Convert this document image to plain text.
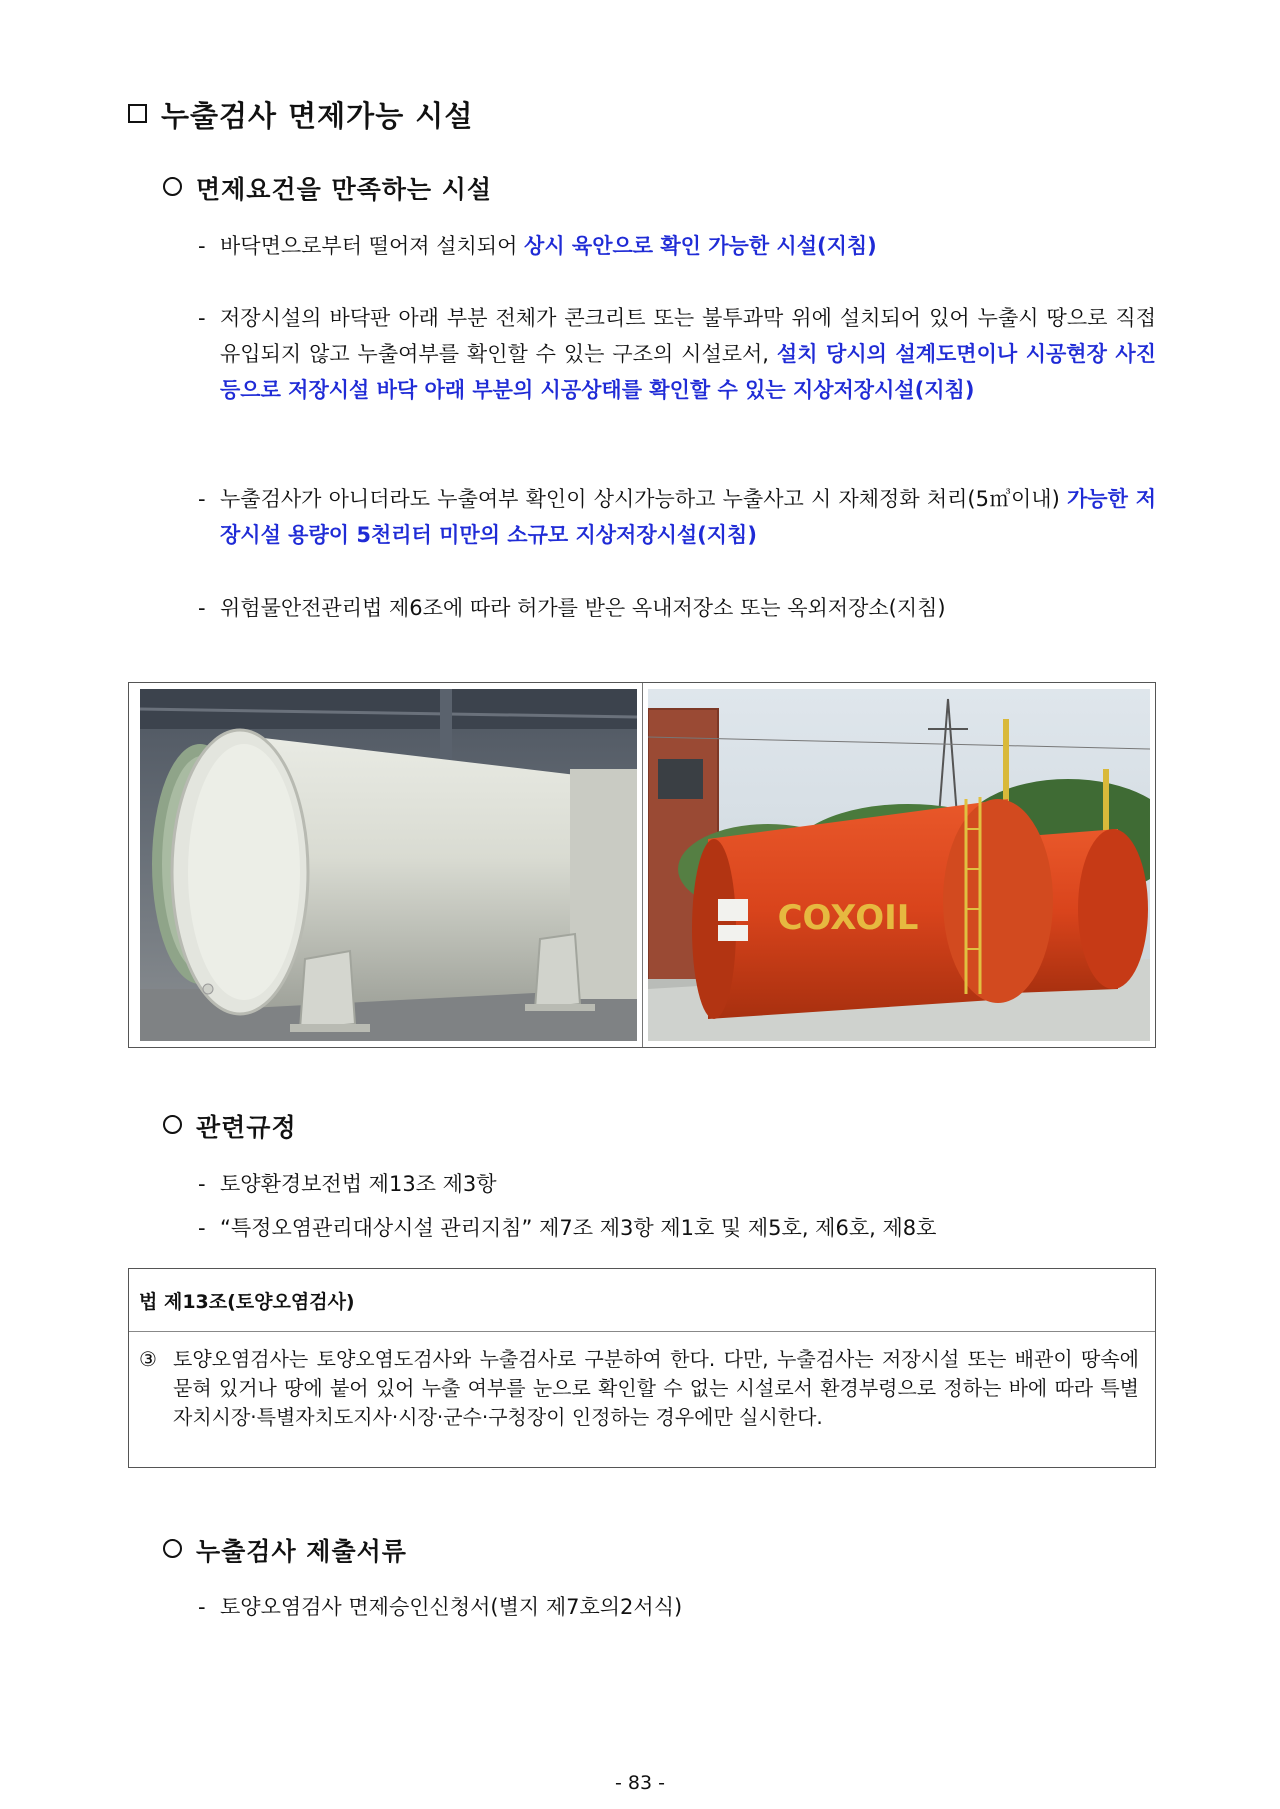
누출검사 면제가능 시설
면제요건을 만족하는 시설
- 바닥면으로부터 떨어져 설치되어 상시 육안으로 확인 가능한 시설(지침)
- 저장시설의 바닥판 아래 부분 전체가 콘크리트 또는 불투과막 위에 설치되어 있어 누출시 땅으로 직접 유입되지 않고 누출여부를 확인할 수 있는 구조의 시설로서, 설치 당시의 설계도면이나 시공현장 사진 등으로 저장시설 바닥 아래 부분의 시공상태를 확인할 수 있는 지상저장시설(지침)
- 누출검사가 아니더라도 누출여부 확인이 상시가능하고 누출사고 시 자체정화 처리(5㎥이내) 가능한 저장시설 용량이 5천리터 미만의 소규모 지상저장시설(지침)
- 위험물안전관리법 제6조에 따라 허가를 받은 옥내저장소 또는 옥외저장소(지침)
COXOIL
관련규정
- 토양환경보전법 제13조 제3항
- “특정오염관리대상시설 관리지침” 제7조 제3항 제1호 및 제5호, 제6호, 제8호
법 제13조(토양오염검사)
③ 토양오염검사는 토양오염도검사와 누출검사로 구분하여 한다. 다만, 누출검사는 저장시설 또는 배관이 땅속에 묻혀 있거나 땅에 붙어 있어 누출 여부를 눈으로 확인할 수 없는 시설로서 환경부령으로 정하는 바에 따라 특별자치시장·특별자치도지사·시장·군수·구청장이 인정하는 경우에만 실시한다.
누출검사 제출서류
- 토양오염검사 면제승인신청서(별지 제7호의2서식)
- 83 -
